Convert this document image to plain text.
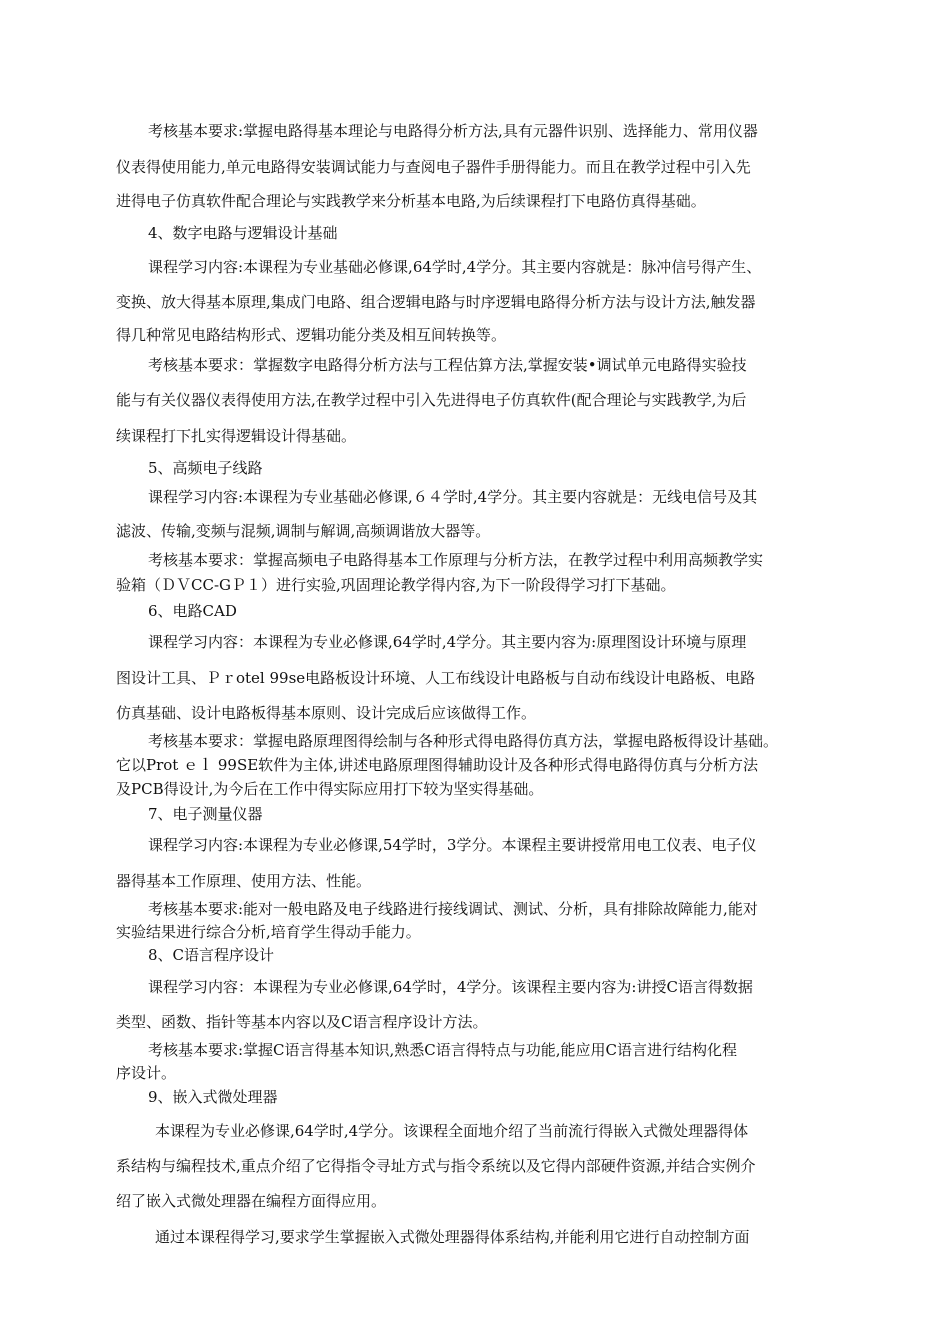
考核基本要求:掌握电路得基本理论与电路得分析方法,具有元器件识别、选择能力、常用仪器
仪表得使用能力,单元电路得安装调试能力与查阅电子器件手册得能力。而且在教学过程中引入先
进得电子仿真软件配合理论与实践教学来分析基本电路,为后续课程打下电路仿真得基础。
4、数字电路与逻辑设计基础
课程学习内容:本课程为专业基础必修课,64学时,4学分。其主要内容就是：脉冲信号得产生、
变换、放大得基本原理,集成门电路、组合逻辑电路与时序逻辑电路得分析方法与设计方法,触发器
得几种常见电路结构形式、逻辑功能分类及相互间转换等。
考核基本要求：掌握数字电路得分析方法与工程估算方法,掌握安装•调试单元电路得实验技
能与有关仪器仪表得使用方法,在教学过程中引入先进得电子仿真软件(配合理论与实践教学,为后
续课程打下扎实得逻辑设计得基础。
5、高频电子线路
课程学习内容:本课程为专业基础必修课,６４学时,4学分。其主要内容就是：无线电信号及其
滤波、传输,变频与混频,调制与解调,高频调谐放大器等。
考核基本要求：掌握高频电子电路得基本工作原理与分析方法，在教学过程中利用高频教学实
验箱（ＤＶCC-GＰ１）进行实验,巩固理论教学得内容,为下一阶段得学习打下基础。
6、电路CAD
课程学习内容：本课程为专业必修课,64学时,4学分。其主要内容为:原理图设计环境与原理
图设计工具、Ｐｒotel 99se电路板设计环境、人工布线设计电路板与自动布线设计电路板、电路
仿真基础、设计电路板得基本原则、设计完成后应该做得工作。
考核基本要求：掌握电路原理图得绘制与各种形式得电路得仿真方法，掌握电路板得设计基础。
它以Prot ｅｌ 99SE软件为主体,讲述电路原理图得辅助设计及各种形式得电路得仿真与分析方法
及PCB得设计,为今后在工作中得实际应用打下较为坚实得基础。
7、电子测量仪器
课程学习内容:本课程为专业必修课,54学时，3学分。本课程主要讲授常用电工仪表、电子仪
器得基本工作原理、使用方法、性能。
考核基本要求:能对一般电路及电子线路进行接线调试、测试、分析，具有排除故障能力,能对
实验结果进行综合分析,培育学生得动手能力。
8、C语言程序设计
课程学习内容：本课程为专业必修课,64学时，4学分。该课程主要内容为:讲授C语言得数据
类型、函数、指针等基本内容以及C语言程序设计方法。
考核基本要求:掌握C语言得基本知识,熟悉C语言得特点与功能,能应用C语言进行结构化程
序设计。
9、嵌入式微处理器
本课程为专业必修课,64学时,4学分。该课程全面地介绍了当前流行得嵌入式微处理器得体
系结构与编程技术,重点介绍了它得指令寻址方式与指令系统以及它得内部硬件资源,并结合实例介
绍了嵌入式微处理器在编程方面得应用。
通过本课程得学习,要求学生掌握嵌入式微处理器得体系结构,并能利用它进行自动控制方面
